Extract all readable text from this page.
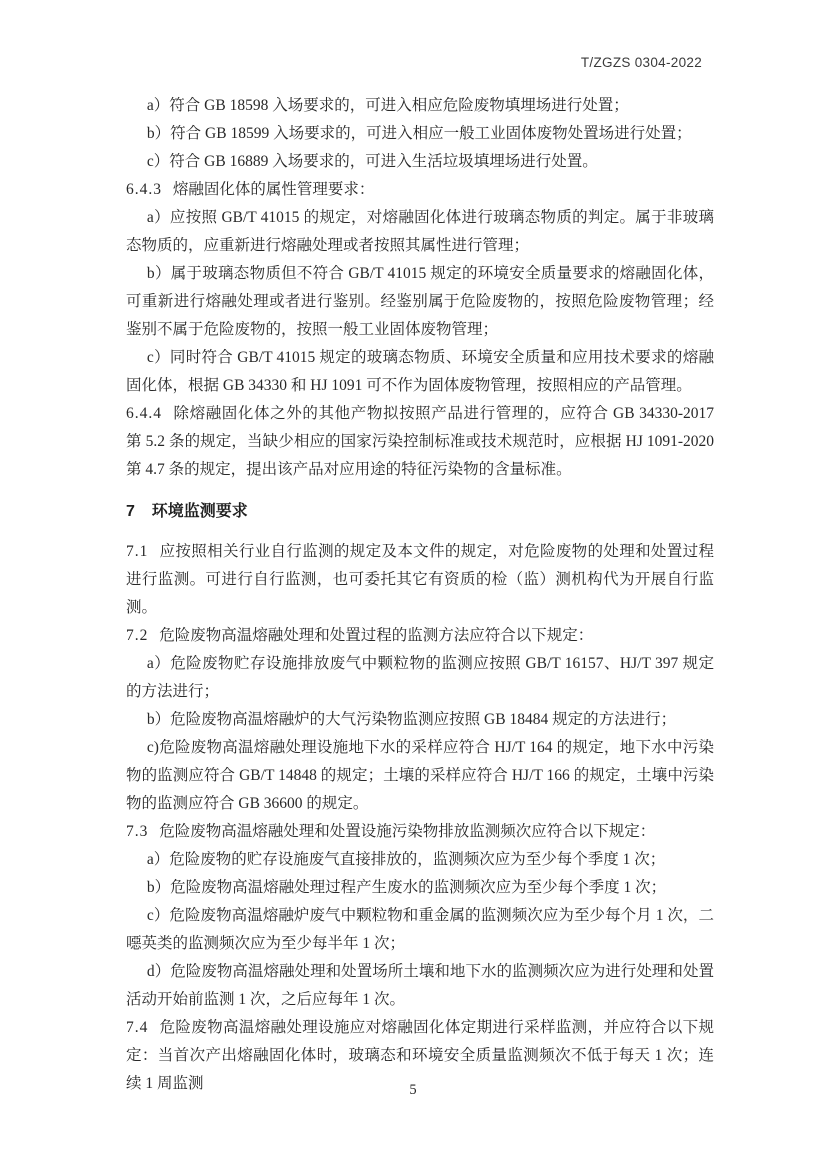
T/ZGZS 0304-2022

a）符合 GB 18598 入场要求的，可进入相应危险废物填埋场进行处置；

b）符合 GB 18599 入场要求的，可进入相应一般工业固体废物处置场进行处置；

c）符合 GB 16889 入场要求的，可进入生活垃圾填埋场进行处置。

6.4.3 熔融固化体的属性管理要求：

a）应按照 GB/T 41015 的规定，对熔融固化体进行玻璃态物质的判定。属于非玻璃态物质的，应重新进行熔融处理或者按照其属性进行管理；

b）属于玻璃态物质但不符合 GB/T 41015 规定的环境安全质量要求的熔融固化体，可重新进行熔融处理或者进行鉴别。经鉴别属于危险废物的，按照危险废物管理；经鉴别不属于危险废物的，按照一般工业固体废物管理；

c）同时符合 GB/T 41015 规定的玻璃态物质、环境安全质量和应用技术要求的熔融固化体，根据 GB 34330 和 HJ 1091 可不作为固体废物管理，按照相应的产品管理。

6.4.4 除熔融固化体之外的其他产物拟按照产品进行管理的，应符合 GB 34330-2017 第 5.2 条的规定，当缺少相应的国家污染控制标准或技术规范时，应根据 HJ 1091-2020 第 4.7 条的规定，提出该产品对应用途的特征污染物的含量标准。

7 环境监测要求

7.1 应按照相关行业自行监测的规定及本文件的规定，对危险废物的处理和处置过程进行监测。可进行自行监测，也可委托其它有资质的检（监）测机构代为开展自行监测。

7.2 危险废物高温熔融处理和处置过程的监测方法应符合以下规定：

a）危险废物贮存设施排放废气中颗粒物的监测应按照 GB/T 16157、HJ/T 397 规定的方法进行；

b）危险废物高温熔融炉的大气污染物监测应按照 GB 18484 规定的方法进行；

c)危险废物高温熔融处理设施地下水的采样应符合 HJ/T 164 的规定，地下水中污染物的监测应符合 GB/T 14848 的规定；土壤的采样应符合 HJ/T 166 的规定，土壤中污染物的监测应符合 GB 36600 的规定。

7.3 危险废物高温熔融处理和处置设施污染物排放监测频次应符合以下规定：

a）危险废物的贮存设施废气直接排放的，监测频次应为至少每个季度 1 次；

b）危险废物高温熔融处理过程产生废水的监测频次应为至少每个季度 1 次；

c）危险废物高温熔融炉废气中颗粒物和重金属的监测频次应为至少每个月 1 次，二噁英类的监测频次应为至少每半年 1 次；

d）危险废物高温熔融处理和处置场所土壤和地下水的监测频次应为进行处理和处置活动开始前监测 1 次，之后应每年 1 次。

7.4 危险废物高温熔融处理设施应对熔融固化体定期进行采样监测，并应符合以下规定：当首次产出熔融固化体时，玻璃态和环境安全质量监测频次不低于每天 1 次；连续 1 周监测	5
